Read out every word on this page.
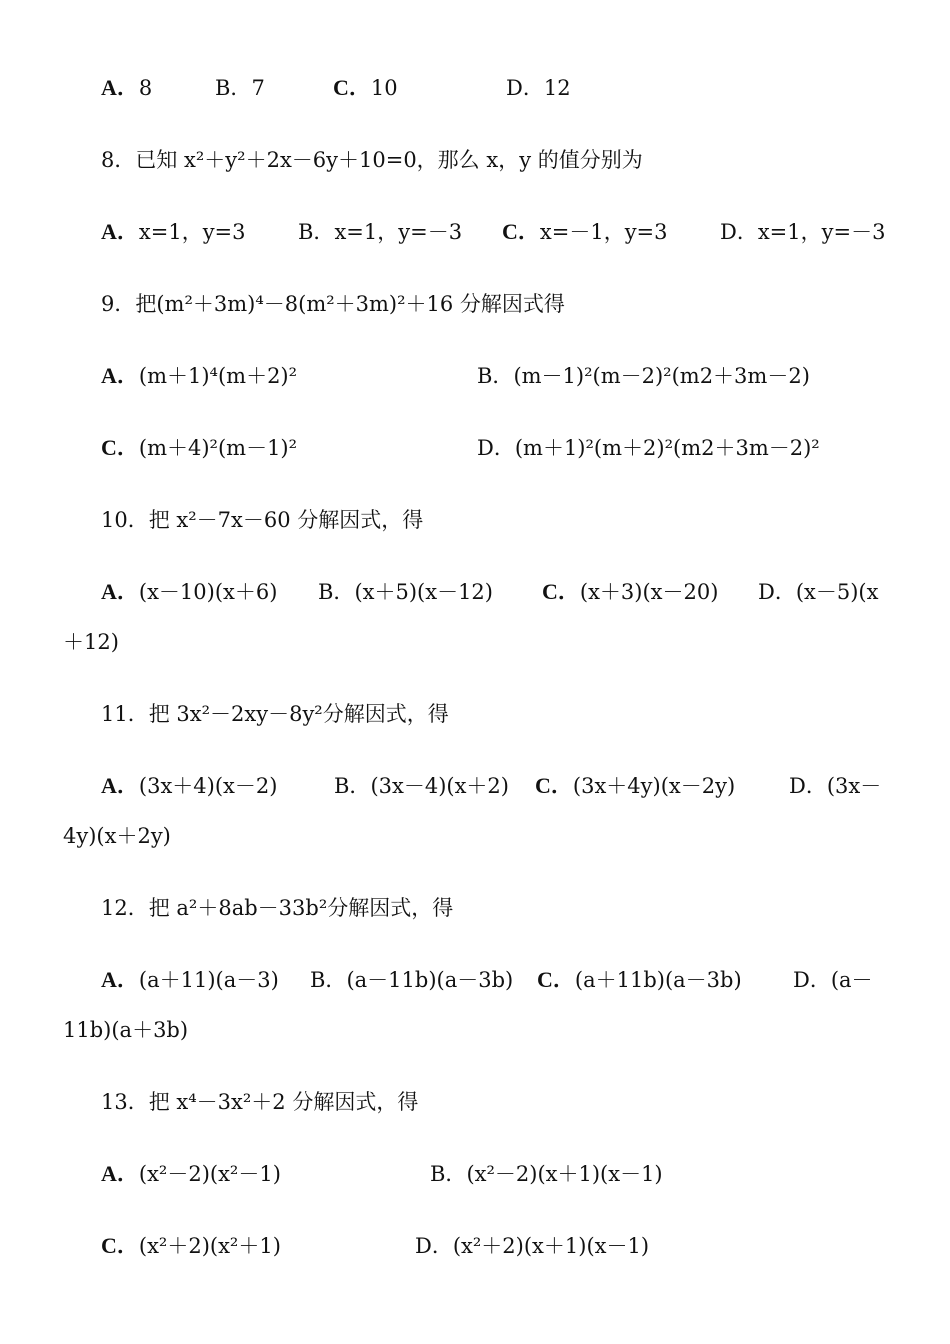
A．8	B．7	C．10	D．12
8．已知 x²＋y²＋2x－6y＋10=0，那么 x，y 的值分别为
A．x=1，y=3 B．x=1，y=－3 C．x=－1，y=3 D．x=1，y=－3
9．把(m²＋3m)⁴－8(m²＋3m)²＋16 分解因式得
A．(m＋1)⁴(m＋2)²	B．(m－1)²(m－2)²(m2＋3m－2)
C．(m＋4)²(m－1)²	D．(m＋1)²(m＋2)²(m2＋3m－2)²
10．把 x²－7x－60 分解因式，得
A．(x－10)(x＋6) B．(x＋5)(x－12) C．(x＋3)(x－20) D．(x－5)(x
＋12)
11．把 3x²－2xy－8y²分解因式，得
A．(3x＋4)(x－2)	B．(3x－4)(x＋2) C．(3x＋4y)(x－2y)	D．(3x－
4y)(x＋2y)
12．把 a²＋8ab－33b²分解因式，得
A．(a＋11)(a－3) B．(a－11b)(a－3b) C．(a＋11b)(a－3b) D．(a－
11b)(a＋3b)
13．把 x⁴－3x²＋2 分解因式，得
A．(x²－2)(x²－1)	B．(x²－2)(x＋1)(x－1)
C．(x²＋2)(x²＋1)	D．(x²＋2)(x＋1)(x－1)
